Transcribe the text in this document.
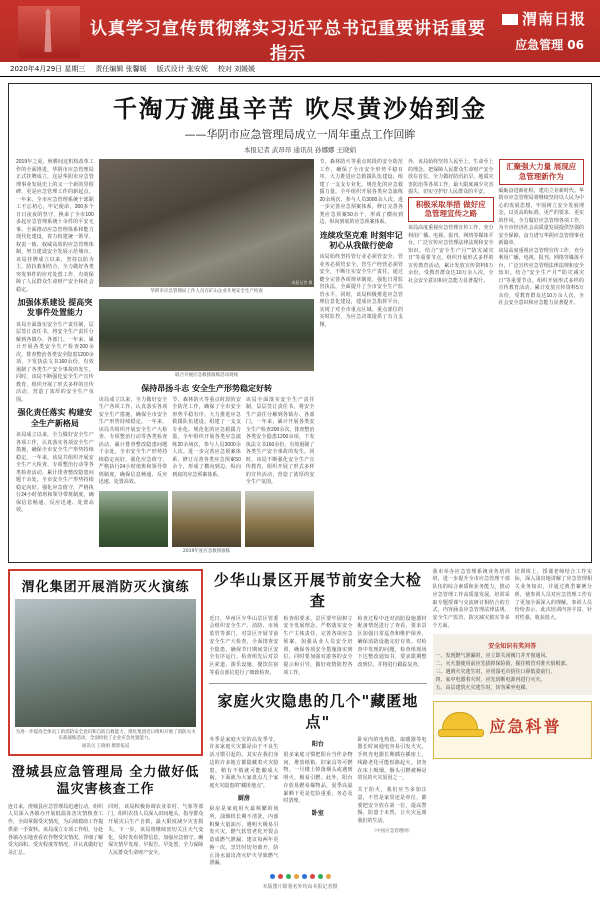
认真学习宣传贯彻落实习近平总书记重要讲话重要指示
渭南日报
应急管理 06
2020年4月29日 星期三 责任编辑 张馨媛 版式设计 张安妮 校对 刘媛媛
千淘万漉虽辛苦 吹尽黄沙始到金
——华阴市应急管理局成立一周年重点工作回眸
本报记者 武昂昂 通讯员 孙娜娜 王晓娟
2019年之夏，秋耕间这机构改革工作的全面推进，华阴市应急管理局正式挂牌成立，这是华阴市应急管理事业发展史上的又一个新的里程碑，更是应急管理工作的新起点。一年来，全市应急管理系统干部职工不忘初心，牢记使命，300多个日日夜夜的坚守，换来了全市100多起应急管理系统十余件的平安无事。全面推动应急管理体系和能力现代化建设，着力构建统一领导、权责一致、权威高效的应急管理体制，努力建设安全发展示范城市。该局挂牌成立以来，坚持以防为主、防抗救相结合，全力做好各类突发事件的应对处置工作，有效保障了人民群众生命财产安全和社会稳定。
加强体系建设 提高突发事件处置能力
该局全面落实安全生产责任制，层层签订责任书，将安全生产责任分解到各镇办、各部门。一年来，累计开展各类安全生产检查200余次，排查整治各类安全隐患1200余项，下发执法文书160余份，有效遏制了各类生产安全事故的发生。同时，该局不断强化安全生产宣传教育，组织开展了形式多样的宣传活动，营造了浓厚的安全生产氛围。
强化责任落实 构建安全生产新格局
该局成立以来，全力做好安全生产各项工作，认真落实各项安全生产措施，确保全市安全生产形势持续稳定。一年来，该局共组织开展安全生产大检查、专项整治行动等各类检查活动，累计排查整改隐患问题千余处，全市安全生产形势持续稳定向好。强化应急值守，严格执行24小时值班和领导带班制度，确保信息畅通、反应迅速、处置高效。
本报记者 摄
华阴市应急管理局工作人员在矿山企业开展安全生产检查
联合开展应急救援演练活动现场
保持昂扬斗志 安全生产形势稳定好转
该局成立以来，全力做好安全生产各项工作，认真落实各项安全生产措施，确保全市安全生产形势持续稳定。一年来，该局共组织开展安全生产大检查、专项整治行动等各类检查活动，累计排查整改隐患问题千余处，全市安全生产形势持续稳定向好。强化应急值守，严格执行24小时值班和领导带班制度，确保信息畅通、反应迅速、处置高效。
节、森林防火等重点时段的安全防范工作，确保了全市安全形势平稳有序。大力推进应急救援队伍建设，组建了一支支专业化、规范化的应急救援力量。全年组织开展各类应急演练20余场次，参与人员3000余人次。进一步完善应急预案体系，修订完善各类应急预案50余个，形成了横向到边、纵向到底的应急预案体系。
该局全面落实安全生产责任制，层层签订责任书，将安全生产责任分解到各镇办、各部门。一年来，累计开展各类安全生产检查200余次，排查整治各类安全隐患1200余项，下发执法文书160余份，有效遏制了各类生产安全事故的发生。同时，该局不断强化安全生产宣传教育，组织开展了形式多样的宣传活动，营造了浓厚的安全生产氛围。
2019年度应急救援演练
节、森林防火等重点时段的安全防范工作，确保了全市安全形势平稳有序。大力推进应急救援队伍建设，组建了一支支专业化、规范化的应急救援力量。全年组织开展各类应急演练20余场次，参与人员3000余人次。进一步完善应急预案体系，修订完善各类应急预案50余个，形成了横向到边、纵向到底的应急预案体系。
连续攻坚克难 时刻牢记初心从我做行使命
该局始终坚持管行业必须管安全、管业务必须管安全、管生产经营必须管安全，不断压实安全生产责任。通过健全完善各项规章制度，强化日常监管执法，全面提升了全市安全生产监管水平。同时，该局积极推进应急管理信息化建设，建成应急指挥平台，实现了对全市重点区域、重点部位的实时监控，为应急决策提供了有力支撑。
外，该局始终坚持人民至上、生命至上的理念，把保障人民群众生命财产安全放在首位，全力做好防汛抗旱、地质灾害防治等各项工作，最大限度减少灾害损失，切实守护好人民群众的平安。
积极采取举措 做好应急管理宣传之路
该局高度重视应急管理宣传工作，充分利用广播、电视、报刊、网络等媒体平台，广泛宣传应急管理法律法规和安全知识。结合"安全生产月""防灾减灾日"等重要节点，组织开展形式多样的宣传教育活动，累计发放宣传资料5万余份，受教育群众达10万余人次，全社会安全意识和应急能力显著提升。
汇聚强大力量 展现应急管理新作为
砥砺奋进新征程，建功立业新时代。华阴市应急管理局将继续坚持以人民为中心的发展思想，牢固树立安全发展理念，以更高的标准、更严的要求、更实的作风，全力做好应急管理各项工作，为全市经济社会高质量发展提供坚强的安全保障，奋力谱写华阴应急管理事业新篇章。
该局高度重视应急管理宣传工作，充分利用广播、电视、报刊、网络等媒体平台，广泛宣传应急管理法律法规和安全知识。结合"安全生产月""防灾减灾日"等重要节点，组织开展形式多样的宣传教育活动，累计发放宣传资料5万余份，受教育群众达10万余人次，全社会安全意识和应急能力显著提升。
渭化集团开展消防灭火演练
为进一步提高全体员工的消防安全意识和自防自救能力，渭化集团近日组织开展了消防灭火实战演练活动，全面检验了企业应急处置能力。
通讯员 王晓娟 摄影报道
澄城县应急管理局 全力做好低温灾害核查工作
连日来，澄城县应急管理局迅速行动，组织人员深入各镇办开展低温冻害灾情核查工作，全面掌握受灾情况，为后续救助工作提供第一手资料。该局成立专项工作组，分赴各镇办实地查看农作物受灾情况，详细了解受灾面积、受灾程度等情况，并认真做好记录汇总。
同时，该局积极协调农业农村、气象等部门，组织农技人员深入田间地头，指导群众开展灾后生产自救，最大限度减少灾害损失。下一步，该局将继续密切关注天气变化，及时发布预警信息，加强应急值守，确保灾情早发现、早报告、早处置，全力保障人民群众生命财产安全。
少华山景区开展节前安全大检查
近日，华州区少华山景区管委会组织安全生产、消防、市场监管等部门，对景区开展节前安全生产大检查，全面排查安全隐患，确保节日期间景区安全有序运行。检查组先后对景区索道、游乐设施、餐饮住宿等重点部位进行了细致检查。
检查组要求，景区要牢固树立安全发展理念，严格落实安全生产主体责任，完善各项应急预案，加强从业人员安全培训，确保各项安全措施落实到位。同时要加强对游客的安全提示和引导，做好疫情防控各项工作。
检查过程中还对消防设施器材配备情况进行了查看，要求景区加强日常巡查和维护保养，确保消防设施完好有效。对检查中发现的问题，检查组现场下达整改通知书，要求限期整改到位，并将进行跟踪复查。
家庭火灾隐患的几个"藏匿地点"
冬季是家庭火灾的高发季节，许多家庭火灾都是由于不良生活习惯引起的。其实在我们身边的许多地方都隐藏着火灾隐患，稍有不慎就可能酿成大祸。下面就为大家盘点几个家庭火灾隐患的"藏匿地点"。
厨房
厨房是家庭用火最频繁的场所，油烟机长期不清洗，内部积聚大量油污，遇明火极易引发火灾。燃气软管老化开裂会造成燃气泄漏，建议每两年更换一次。烹饪时切勿离开，防止汤水溢出浇灭炉火导致燃气泄漏。
阳台
很多家庭习惯把阳台当作杂物间，堆放纸箱、旧家具等可燃物。一旦楼上掉落烟头或遇到明火，极易引燃。此外，阳台存放易燃易爆物品，夏季高温暴晒下更是危险重重，务必及时清理。
卧室
卧室内的电热毯、取暖器等电器长时间通电容易引发火灾。手机充电器长期插在插座上，线路老化可能短路起火。切勿在床上吸烟，烟头引燃被褥是常见的火灾原因之一。
关于防火，我们应当多加注意，不管是家里还是单位，都要把安全放在第一位，提高警惕，防患于未然，让火灾远离我们的生活。
（中国应急管理网）
我市举办应急管理系统业务培训班，进一步提升全市应急管理干部队伍的综合素质和业务能力，推动应急管理工作高质量发展。培训采取专题授课与交流研讨相结合的方式，内容涵盖应急管理法律法规、安全生产监管、防灾减灾救灾等多个方面。
培训班上，授课老师结合工作实际，深入浅出地讲解了应急管理相关业务知识，并通过典型案例分析，使参训人员对应急管理工作有了更加全面深入的理解。参训人员纷纷表示，此次培训内容丰富、针对性强，收获很大。
安全知识有奖问答
一、发现燃气泄漏时，应立即关闭阀门并开窗通风。
二、灭火器使用前应先拔掉保险销，握住喷管对准火焰根部。
三、遇到火灾逃生时，应用湿毛巾捂住口鼻低姿前行。
四、家中电器着火时，应先切断电源再进行灭火。
五、高层建筑火灾逃生时，切勿乘坐电梯。
应急科普
本版图片除署名外均由本报记者摄
